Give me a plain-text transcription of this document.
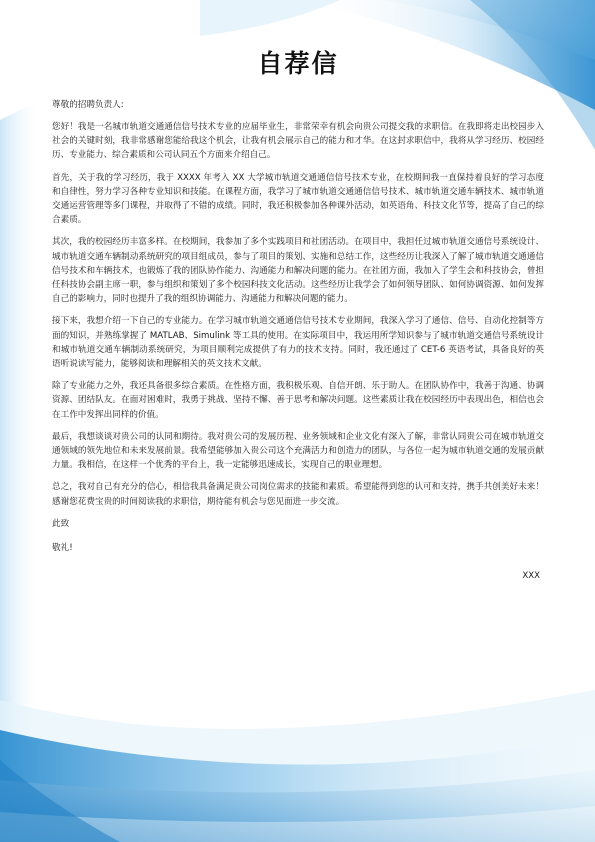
自荐信

尊敬的招聘负责人:

您好！我是一名城市轨道交通通信信号技术专业的应届毕业生，非常荣幸有机会向贵公司提交我的求职信。在我即将走出校园步入社会的关键时刻，我非常感谢您能给我这个机会，让我有机会展示自己的能力和才华。在这封求职信中，我将从学习经历、校园经历、专业能力、综合素质和公司认同五个方面来介绍自己。

首先，关于我的学习经历，我于 XXXX 年考入 XX 大学城市轨道交通通信信号技术专业，在校期间我一直保持着良好的学习态度和自律性，努力学习各种专业知识和技能。在课程方面，我学习了城市轨道交通通信信号技术、城市轨道交通车辆技术、城市轨道交通运营管理等多门课程，并取得了不错的成绩。同时，我还积极参加各种课外活动，如英语角、科技文化节等，提高了自己的综合素质。

其次，我的校园经历丰富多样。在校期间，我参加了多个实践项目和社团活动。在项目中，我担任过城市轨道交通信号系统设计、城市轨道交通车辆制动系统研究的项目组成员，参与了项目的策划、实施和总结工作，这些经历让我深入了解了城市轨道交通通信信号技术和车辆技术，也锻炼了我的团队协作能力、沟通能力和解决问题的能力。在社团方面，我加入了学生会和科技协会，曾担任科技协会副主席一职，参与组织和策划了多个校园科技文化活动。这些经历让我学会了如何领导团队、如何协调资源、如何发挥自己的影响力，同时也提升了我的组织协调能力、沟通能力和解决问题的能力。

接下来，我想介绍一下自己的专业能力。在学习城市轨道交通通信信号技术专业期间，我深入学习了通信、信号、自动化控制等方面的知识，并熟练掌握了 MATLAB、Simulink 等工具的使用。在实际项目中，我运用所学知识参与了城市轨道交通信号系统设计和城市轨道交通车辆制动系统研究，为项目顺利完成提供了有力的技术支持。同时，我还通过了 CET-6 英语考试，具备良好的英语听说读写能力，能够阅读和理解相关的英文技术文献。

除了专业能力之外，我还具备很多综合素质。在性格方面，我积极乐观、自信开朗、乐于助人。在团队协作中，我善于沟通、协调资源、团结队友。在面对困难时，我勇于挑战、坚持不懈、善于思考和解决问题。这些素质让我在校园经历中表现出色，相信也会在工作中发挥出同样的价值。

最后，我想谈谈对贵公司的认同和期待。我对贵公司的发展历程、业务领域和企业文化有深入了解，非常认同贵公司在城市轨道交通领域的领先地位和未来发展前景。我希望能够加入贵公司这个充满活力和创造力的团队，与各位一起为城市轨道交通的发展贡献力量。我相信，在这样一个优秀的平台上，我一定能够迅速成长，实现自己的职业理想。

总之，我对自己有充分的信心，相信我具备满足贵公司岗位需求的技能和素质。希望能得到您的认可和支持，携手共创美好未来！感谢您花费宝贵的时间阅读我的求职信，期待能有机会与您见面进一步交流。

此致

敬礼!

XXX
